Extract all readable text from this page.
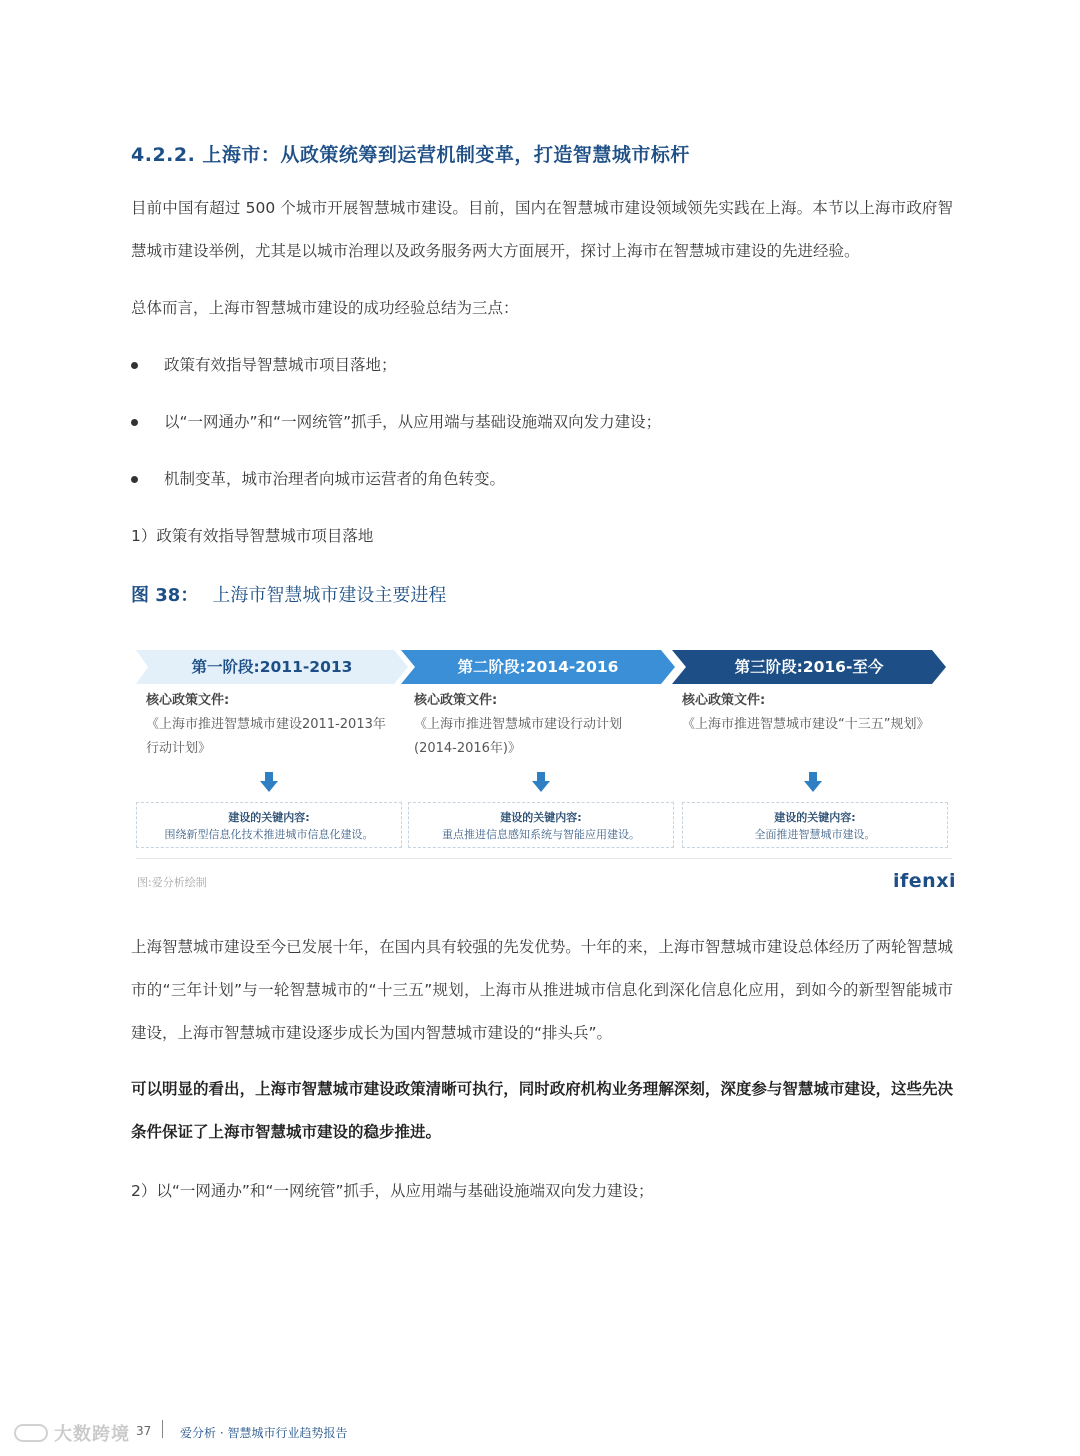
4.2.2. 上海市：从政策统筹到运营机制变革，打造智慧城市标杆
目前中国有超过 500 个城市开展智慧城市建设。目前，国内在智慧城市建设领域领先实践在上海。本节以上海市政府智慧城市建设举例，尤其是以城市治理以及政务服务两大方面展开，探讨上海市在智慧城市建设的先进经验。
总体而言，上海市智慧城市建设的成功经验总结为三点：
政策有效指导智慧城市项目落地；
以“一网通办”和“一网统管”抓手，从应用端与基础设施端双向发力建设；
机制变革，城市治理者向城市运营者的角色转变。
1）政策有效指导智慧城市项目落地
图 38： 上海市智慧城市建设主要进程
第一阶段:2011-2013	第二阶段:2014-2016	第三阶段:2016-至今
核心政策文件:
《上海市推进智慧城市建设2011-2013年
行动计划》
核心政策文件:
《上海市推进智慧城市建设行动计划
(2014-2016年)》
核心政策文件:
《上海市推进智慧城市建设“十三五”规划》
建设的关键内容:
围绕新型信息化技术推进城市信息化建设。
建设的关键内容:
重点推进信息感知系统与智能应用建设。
建设的关键内容:
全面推进智慧城市建设。
图:爱分析绘制	ifenxi
上海智慧城市建设至今已发展十年，在国内具有较强的先发优势。十年的来，上海市智慧城市建设总体经历了两轮智慧城市的“三年计划”与一轮智慧城市的“十三五”规划，上海市从推进城市信息化到深化信息化应用，到如今的新型智能城市建设，上海市智慧城市建设逐步成长为国内智慧城市建设的“排头兵”。
可以明显的看出，上海市智慧城市建设政策清晰可执行，同时政府机构业务理解深刻，深度参与智慧城市建设，这些先决条件保证了上海市智慧城市建设的稳步推进。
2）以“一网通办”和“一网统管”抓手，从应用端与基础设施端双向发力建设；
大数跨境 37 爱分析 · 智慧城市行业趋势报告
